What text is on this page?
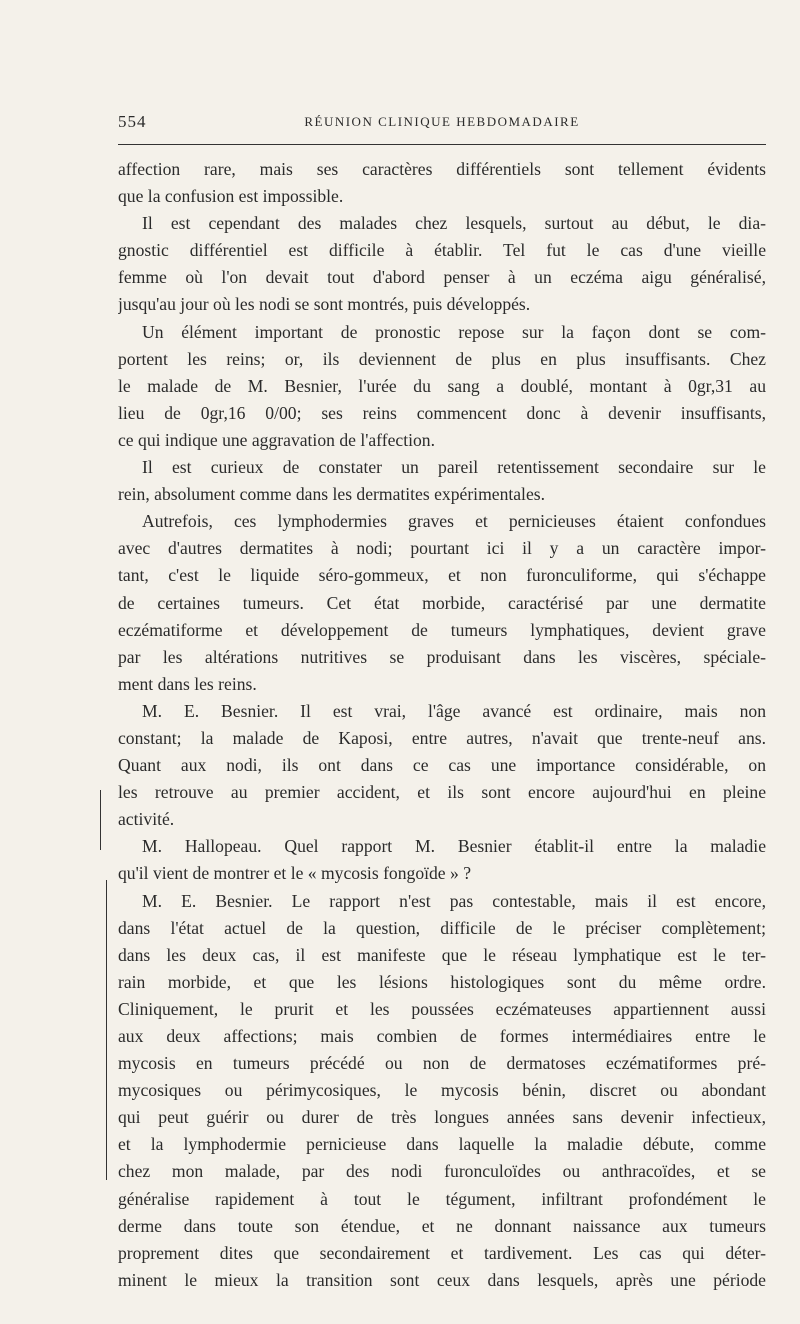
554	RÉUNION CLINIQUE HEBDOMADAIRE
affection rare, mais ses caractères différentiels sont tellement évidents
que la confusion est impossible.
Il est cependant des malades chez lesquels, surtout au début, le dia-
gnostic différentiel est difficile à établir. Tel fut le cas d'une vieille
femme où l'on devait tout d'abord penser à un eczéma aigu généralisé,
jusqu'au jour où les nodi se sont montrés, puis développés.
Un élément important de pronostic repose sur la façon dont se com-
portent les reins; or, ils deviennent de plus en plus insuffisants. Chez
le malade de M. Besnier, l'urée du sang a doublé, montant à 0gr,31 au
lieu de 0gr,16 0/00; ses reins commencent donc à devenir insuffisants,
ce qui indique une aggravation de l'affection.
Il est curieux de constater un pareil retentissement secondaire sur le
rein, absolument comme dans les dermatites expérimentales.
Autrefois, ces lymphodermies graves et pernicieuses étaient confondues
avec d'autres dermatites à nodi; pourtant ici il y a un caractère impor-
tant, c'est le liquide séro-gommeux, et non furonculiforme, qui s'échappe
de certaines tumeurs. Cet état morbide, caractérisé par une dermatite
eczématiforme et développement de tumeurs lymphatiques, devient grave
par les altérations nutritives se produisant dans les viscères, spéciale-
ment dans les reins.
M. E. Besnier. Il est vrai, l'âge avancé est ordinaire, mais non
constant; la malade de Kaposi, entre autres, n'avait que trente-neuf ans.
Quant aux nodi, ils ont dans ce cas une importance considérable, on
les retrouve au premier accident, et ils sont encore aujourd'hui en pleine
activité.
M. Hallopeau. Quel rapport M. Besnier établit-il entre la maladie
qu'il vient de montrer et le « mycosis fongoïde » ?
M. E. Besnier. Le rapport n'est pas contestable, mais il est encore,
dans l'état actuel de la question, difficile de le préciser complètement;
dans les deux cas, il est manifeste que le réseau lymphatique est le ter-
rain morbide, et que les lésions histologiques sont du même ordre.
Cliniquement, le prurit et les poussées eczémateuses appartiennent aussi
aux deux affections; mais combien de formes intermédiaires entre le
mycosis en tumeurs précédé ou non de dermatoses eczématiformes pré-
mycosiques ou périmycosiques, le mycosis bénin, discret ou abondant
qui peut guérir ou durer de très longues années sans devenir infectieux,
et la lymphodermie pernicieuse dans laquelle la maladie débute, comme
chez mon malade, par des nodi furonculoïdes ou anthracoïdes, et se
généralise rapidement à tout le tégument, infiltrant profondément le
derme dans toute son étendue, et ne donnant naissance aux tumeurs
proprement dites que secondairement et tardivement. Les cas qui déter-
minent le mieux la transition sont ceux dans lesquels, après une période
